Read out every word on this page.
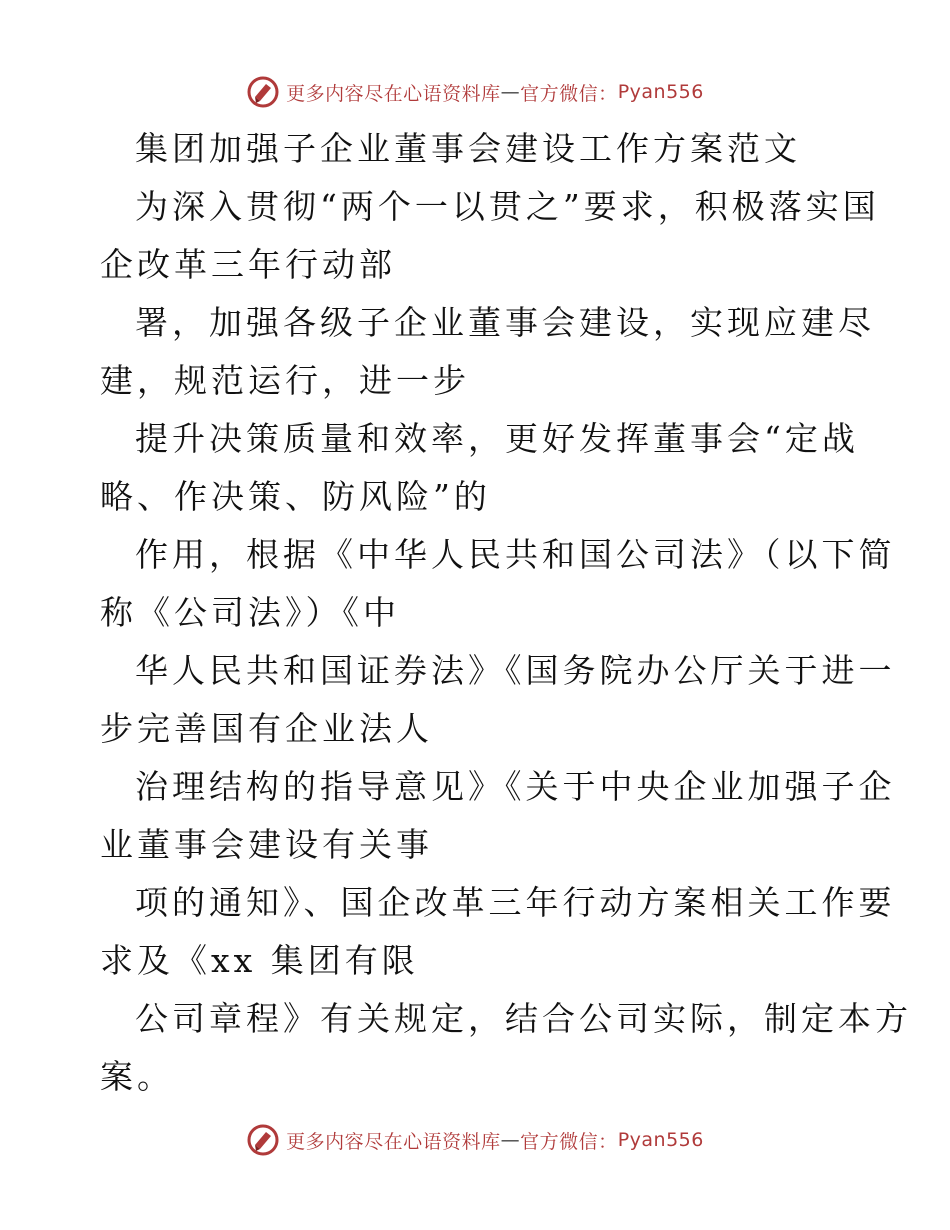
更多内容尽在心语资料库 — 官方微信： Pyan556
集团加强子企业董事会建设工作方案范文
为深入贯彻“两个一以贯之”要求，积极落实国
企改革三年行动部
署，加强各级子企业董事会建设，实现应建尽
建，规范运行，进一步
提升决策质量和效率，更好发挥董事会“定战
略、作决策、防风险”的
作用，根据《中华人民共和国公司法》（以下简
称《公司法》）《中
华人民共和国证券法》《国务院办公厅关于进一
步完善国有企业法人
治理结构的指导意见》《关于中央企业加强子企
业董事会建设有关事
项的通知》、国企改革三年行动方案相关工作要
求及《xx 集团有限
公司章程》有关规定，结合公司实际，制定本方
案。
更多内容尽在心语资料库 — 官方微信： Pyan556
